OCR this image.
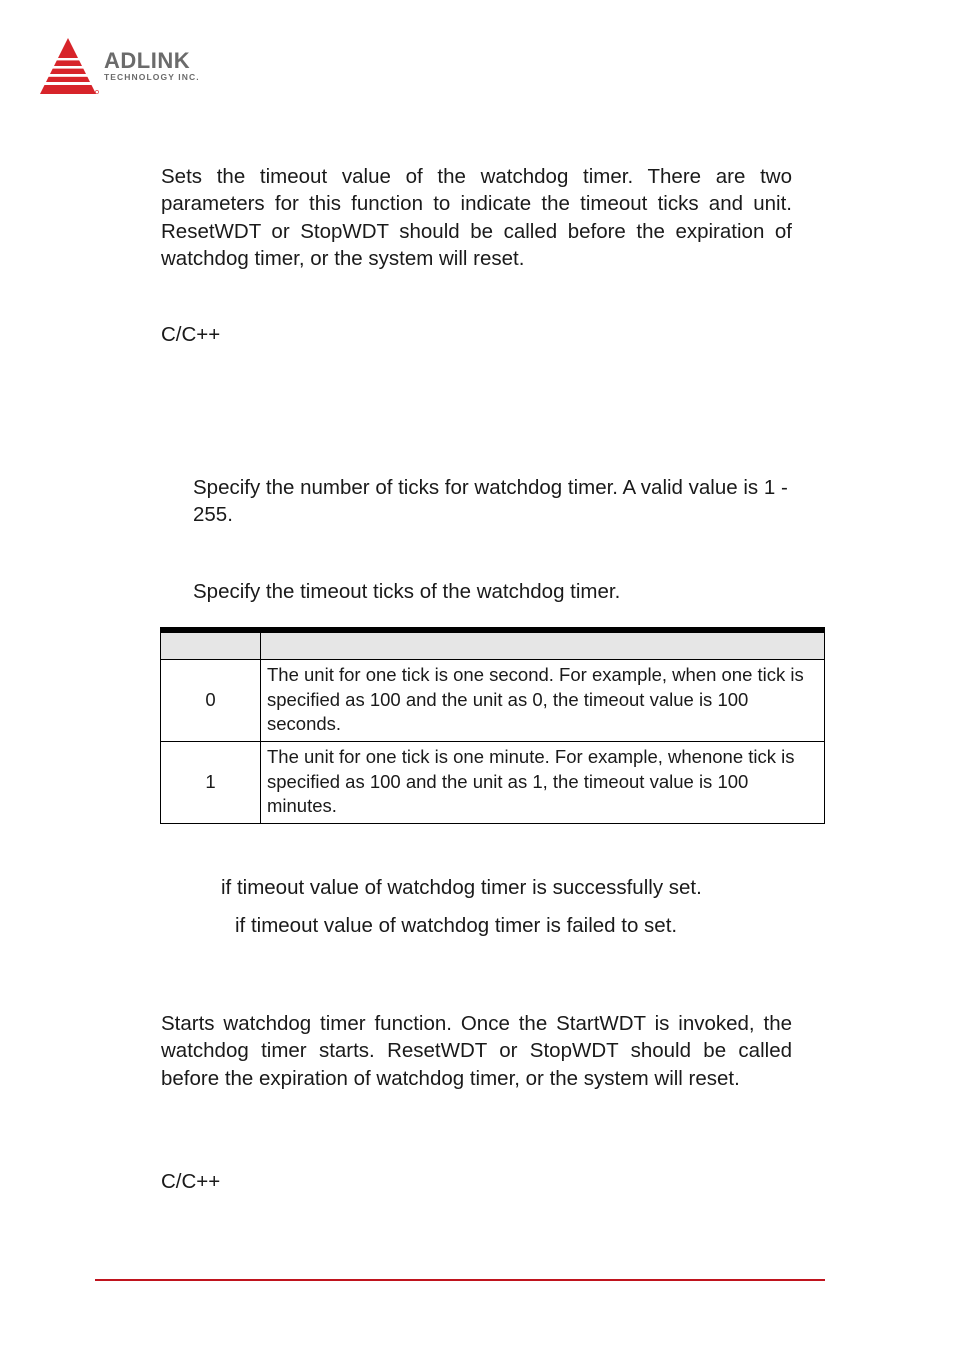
ADLINK
TECHNOLOGY INC.

Sets the timeout value of the watchdog timer. There are two parameters for this function to indicate the timeout ticks and unit. ResetWDT or StopWDT should be called before the expiration of watchdog timer, or the system will reset.

C/C++

Specify the number of ticks for watchdog timer. A valid value is 1 - 255.

Specify the timeout ticks of the watchdog timer.

0	The unit for one tick is one second. For example, when one tick is specified as 100 and the unit as 0, the timeout value is 100 seconds.
1	The unit for one tick is one minute. For example, whenone tick is specified as 100 and the unit as 1, the timeout value is 100 minutes.
if timeout value of watchdog timer is successfully set.
if timeout value of watchdog timer is failed to set.

Starts watchdog timer function. Once the StartWDT is invoked, the watchdog timer starts. ResetWDT or StopWDT should be called before the expiration of watchdog timer, or the system will reset.

C/C++
